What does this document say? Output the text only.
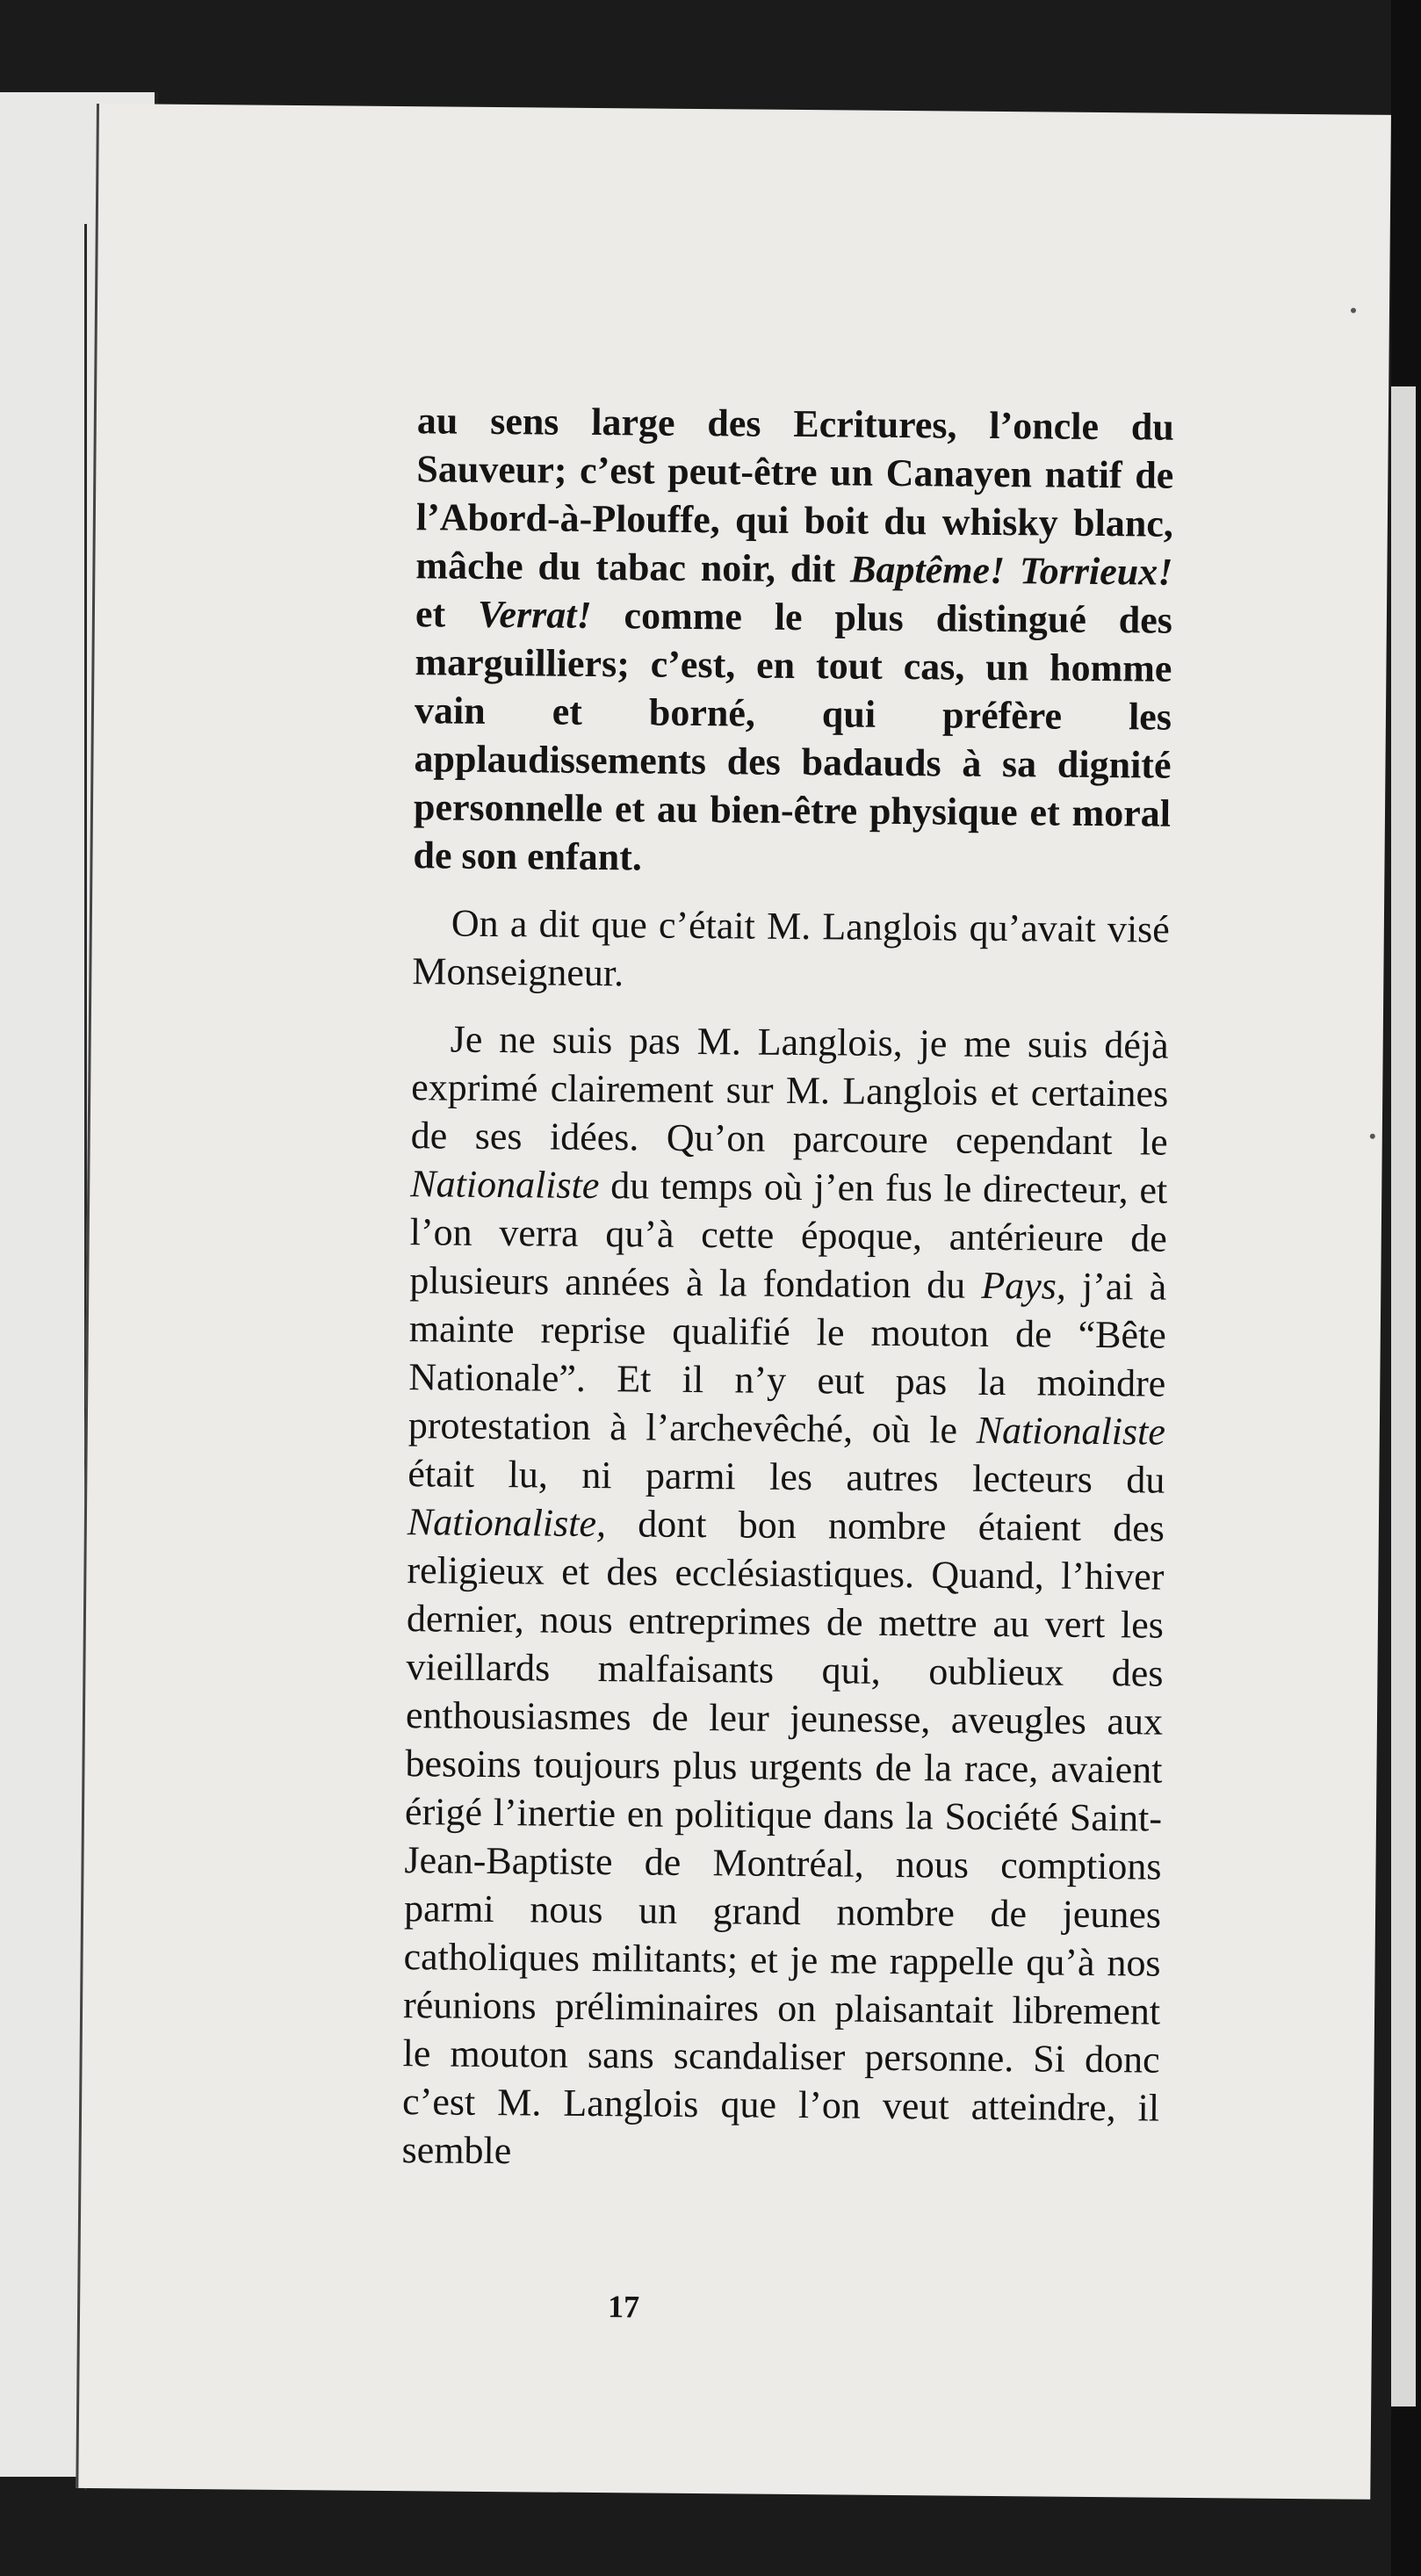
au sens large des Ecritures, l’oncle du Sauveur; c’est peut-être un Canayen natif de l’Abord-à-Plouffe, qui boit du whisky blanc, mâche du tabac noir, dit Baptême! Torrieux! et Verrat! comme le plus distingué des marguilliers; c’est, en tout cas, un homme vain et borné, qui préfère les applaudissements des badauds à sa dignité personnelle et au bien-être physique et moral de son enfant.

On a dit que c’était M. Langlois qu’avait visé Monseigneur.

Je ne suis pas M. Langlois, je me suis déjà exprimé clairement sur M. Langlois et certaines de ses idées. Qu’on parcoure cependant le Nationaliste du temps où j’en fus le directeur, et l’on verra qu’à cette époque, antérieure de plusieurs années à la fondation du Pays, j’ai à mainte reprise qualifié le mouton de “Bête Nationale”. Et il n’y eut pas la moindre protestation à l’archevêché, où le Nationaliste était lu, ni parmi les autres lecteurs du Nationaliste, dont bon nombre étaient des religieux et des ecclésiastiques. Quand, l’hiver dernier, nous entreprimes de mettre au vert les vieillards malfaisants qui, oublieux des enthousiasmes de leur jeunesse, aveugles aux besoins toujours plus urgents de la race, avaient érigé l’inertie en politique dans la Société Saint-Jean-Baptiste de Montréal, nous comptions parmi nous un grand nombre de jeunes catholiques militants; et je me rappelle qu’à nos réunions préliminaires on plaisantait librement le mouton sans scandaliser personne. Si donc c’est M. Langlois que l’on veut atteindre, il semble

17
